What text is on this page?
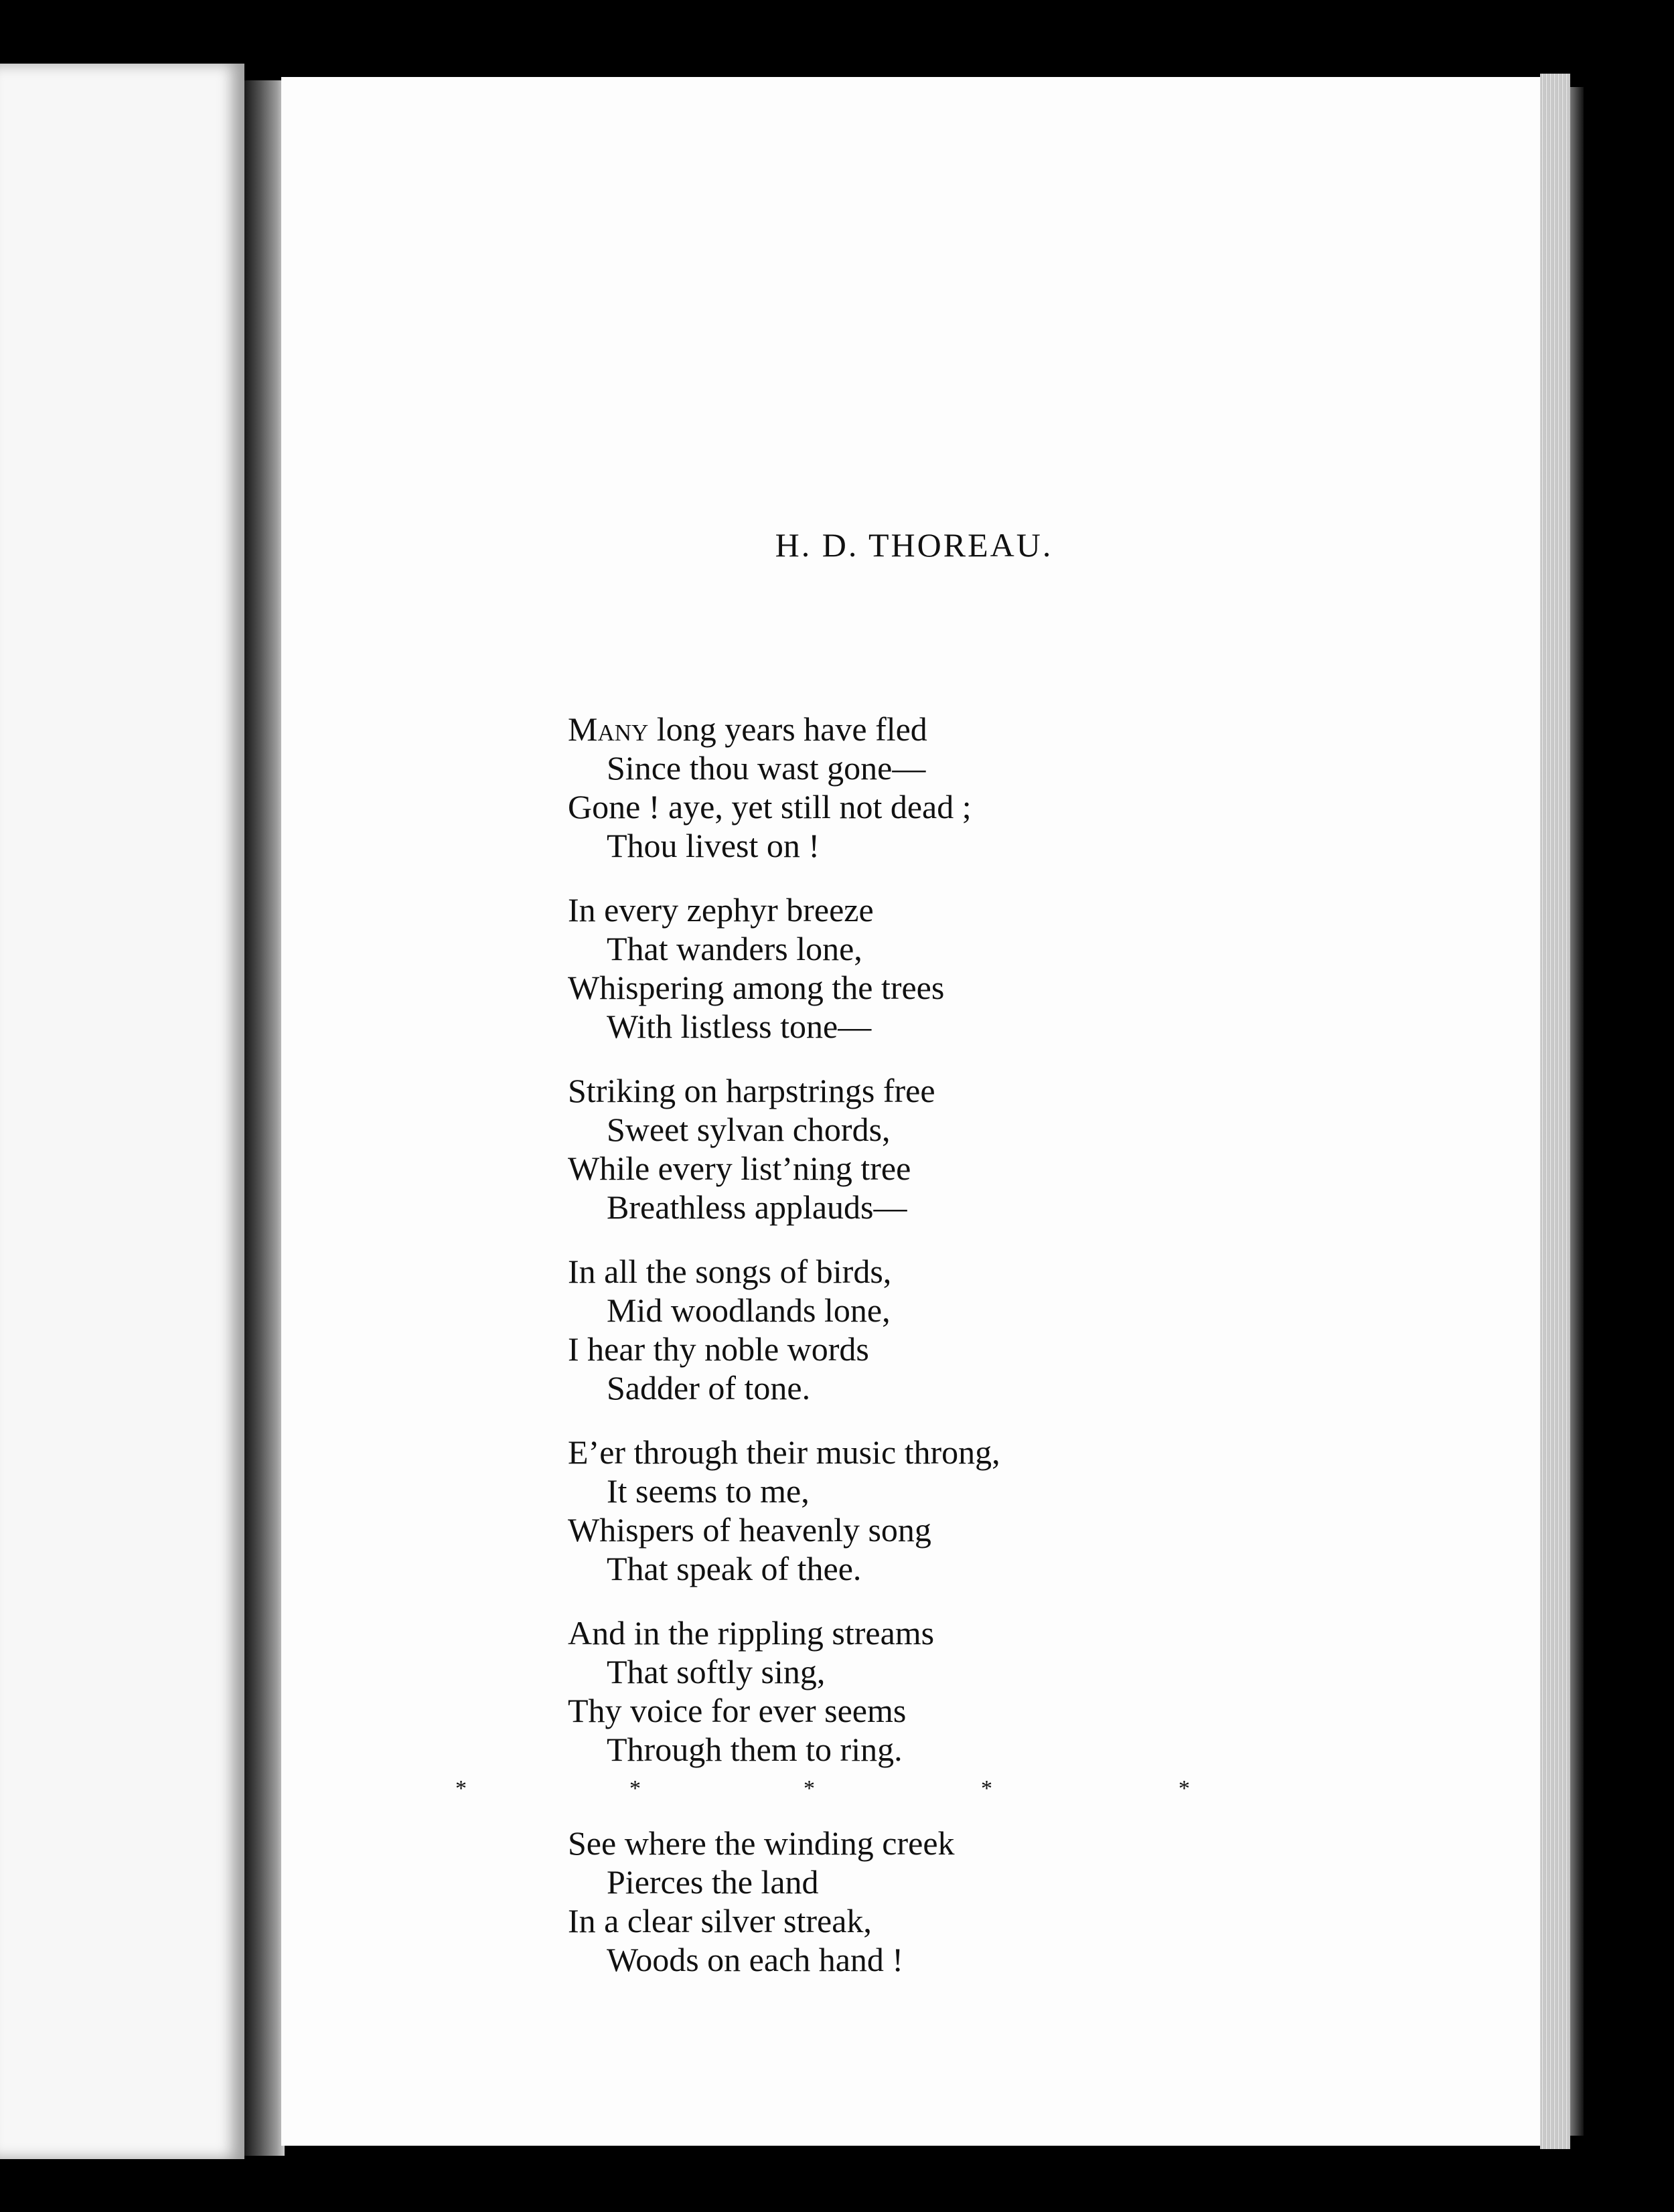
H. D. THOREAU.
Many long years have fled
Since thou wast gone—
Gone ! aye, yet still not dead ;
Thou livest on !
In every zephyr breeze
That wanders lone,
Whispering among the trees
With listless tone—
Striking on harpstrings free
Sweet sylvan chords,
While every list’ning tree
Breathless applauds—
In all the songs of birds,
Mid woodlands lone,
I hear thy noble words
Sadder of tone.
E’er through their music throng,
It seems to me,
Whispers of heavenly song
That speak of thee.
And in the rippling streams
That softly sing,
Thy voice for ever seems
Through them to ring.
*	*	*	*	*
See where the winding creek
Pierces the land
In a clear silver streak,
Woods on each hand !
